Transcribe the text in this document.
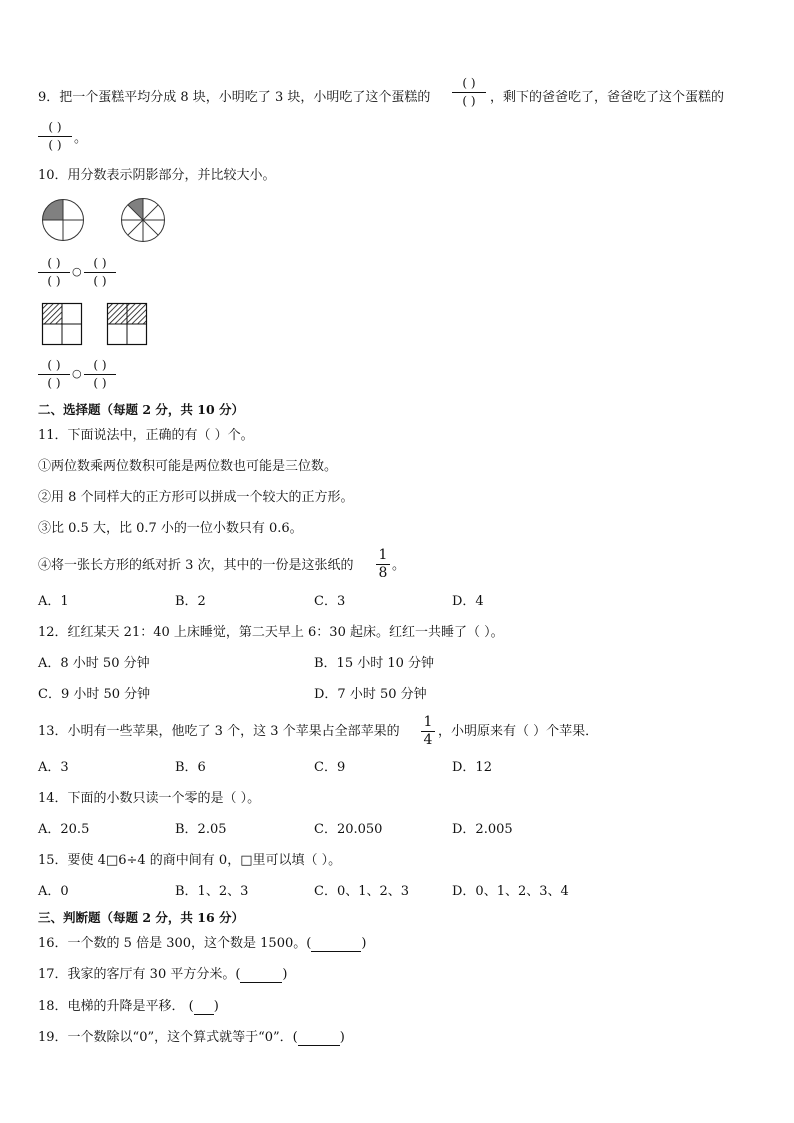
9．把一个蛋糕平均分成 8 块，小明吃了 3 块，小明吃了这个蛋糕的
( )
( )	，剩下的爸爸吃了，爸爸吃了这个蛋糕的
( )
( ) 。
10．用分数表示阴影部分，并比较大小。
( )
( )
○
( )
( )
( )
( )
○
( )
( )
二、选择题（每题 2 分，共 10 分）
11．下面说法中，正确的有（ ）个。
①两位数乘两位数积可能是两位数也可能是三位数。
②用 8 个同样大的正方形可以拼成一个较大的正方形。
③比 0.5 大，比 0.7 小的一位小数只有 0.6。
④将一张长方形的纸对折 3 次，其中的一份是这张纸的
1
8 。
A．1	B．2	C．3	D．4
12．红红某天 21：40 上床睡觉，第二天早上 6：30 起床。红红一共睡了（ ）。
A．8 小时 50 分钟	B．15 小时 10 分钟
C．9 小时 50 分钟	D．7 小时 50 分钟
13．小明有一些苹果，他吃了 3 个，这 3 个苹果占全部苹果的
1
4
，小明原来有（ ）个苹果．
A．3	B．6	C．9	D．12
14．下面的小数只读一个零的是（ ）。
A．20.5	B．2.05	C．20.050	D．2.005
15．要使 4□6÷4 的商中间有 0，□里可以填（ ）。
A．0	B．1、2、3	C．0、1、2、3	D．0、1、2、3、4
三、判断题（每题 2 分，共 16 分）
16．一个数的 5 倍是 300，这个数是 1500。(	)
17．我家的客厅有 30 平方分米。(	)
18．电梯的升降是平移． ( )
19．一个数除以“0”，这个算式就等于“0”．(	)
